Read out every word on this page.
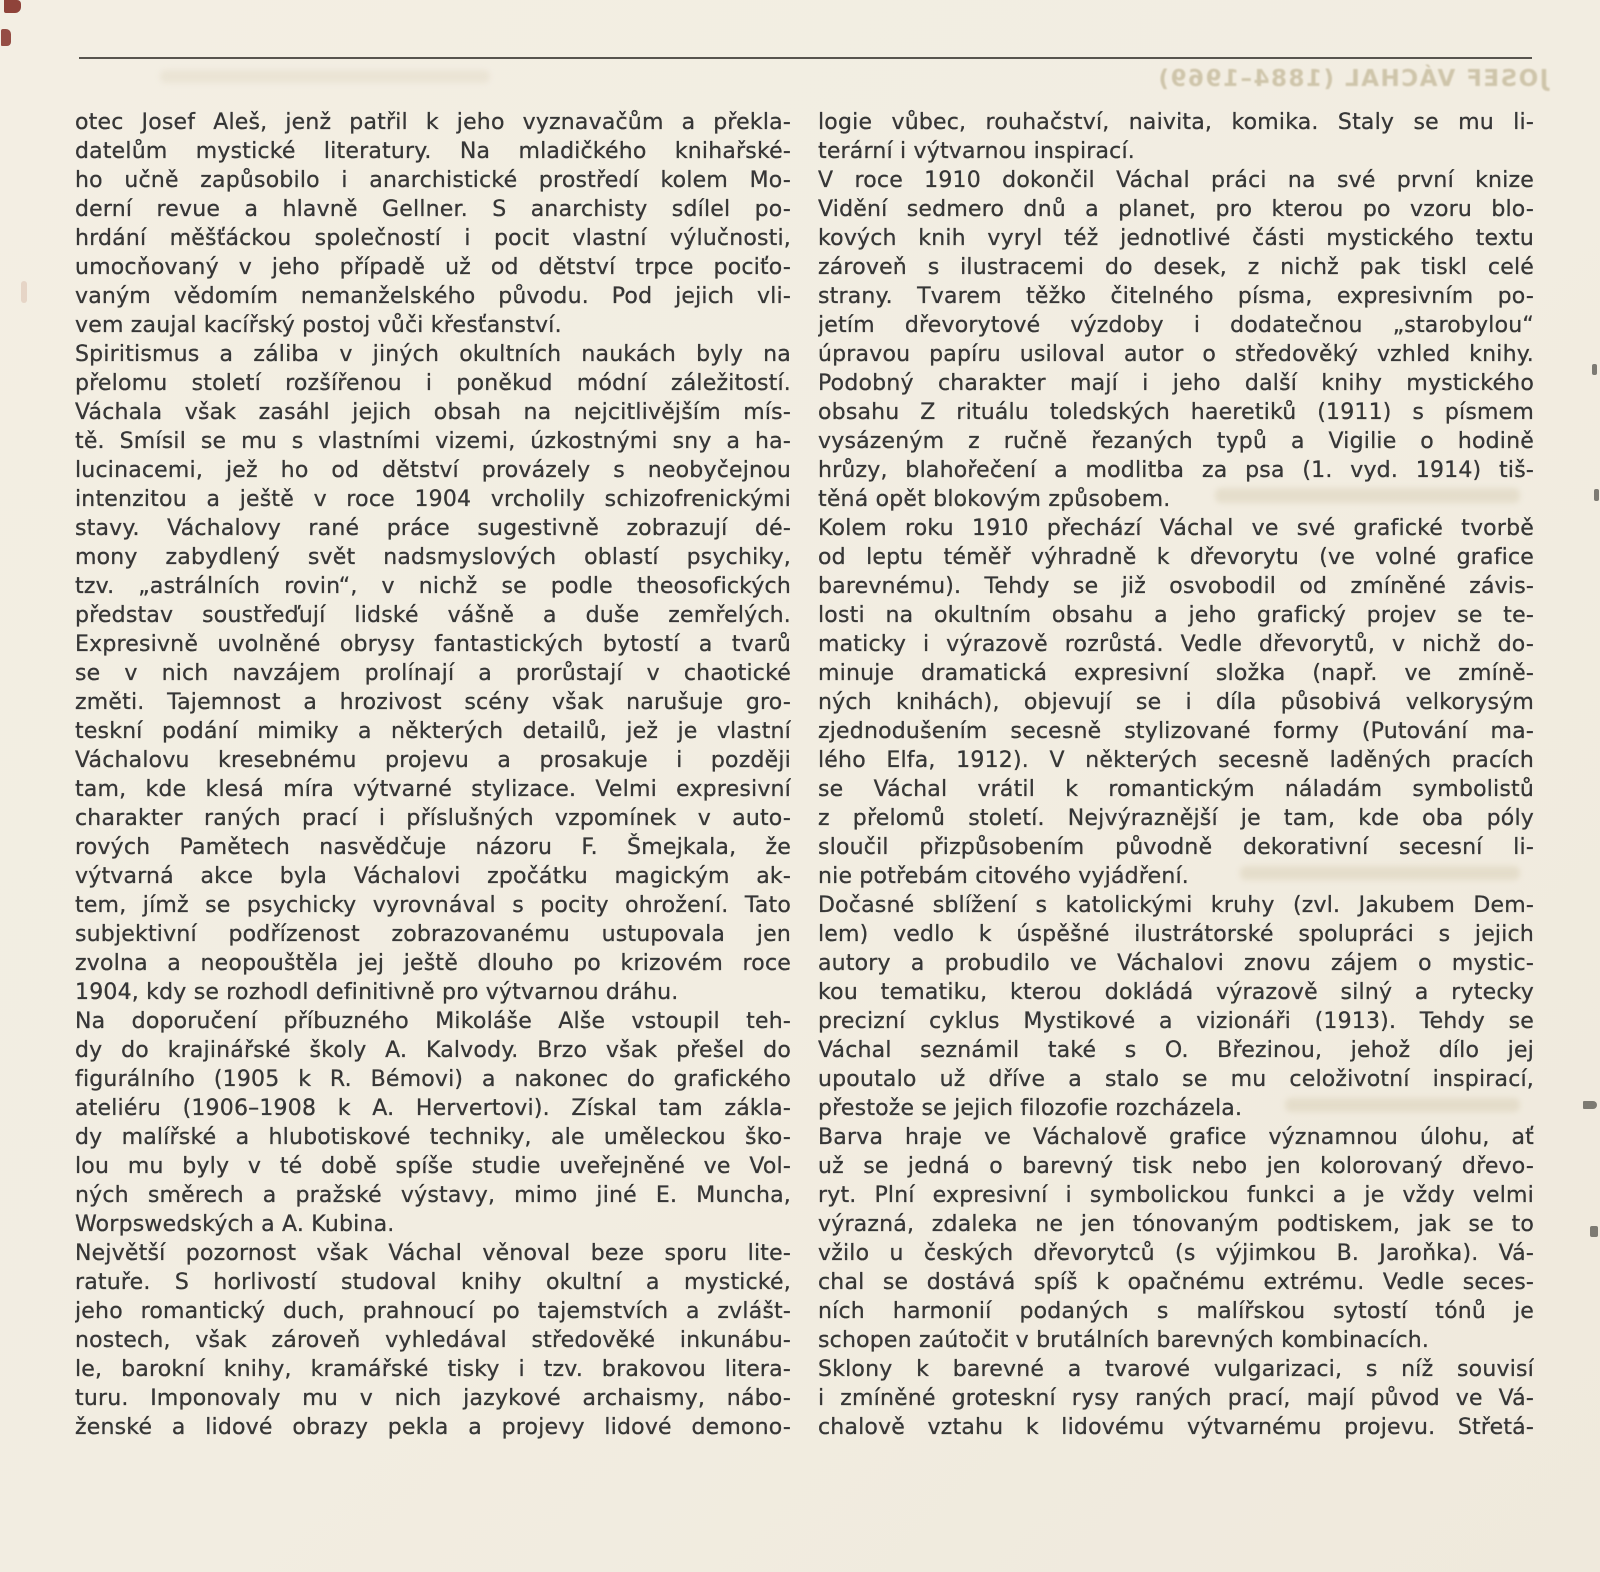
JOSEF VÁCHAL (1884–1969)
otec Josef Aleš, jenž patřil k jeho vyznavačům a překla-
datelům mystické literatury. Na mladičkého knihařské-
ho učně zapůsobilo i anarchistické prostředí kolem Mo-
derní revue a hlavně Gellner. S anarchisty sdílel po-
hrdání měšťáckou společností i pocit vlastní výlučnosti,
umocňovaný v jeho případě už od dětství trpce pociťo-
vaným vědomím nemanželského původu. Pod jejich vli-
vem zaujal kacířský postoj vůči křesťanství.
Spiritismus a záliba v jiných okultních naukách byly na
přelomu století rozšířenou i poněkud módní záležitostí.
Váchala však zasáhl jejich obsah na nejcitlivějším mís-
tě. Smísil se mu s vlastními vizemi, úzkostnými sny a ha-
lucinacemi, jež ho od dětství provázely s neobyčejnou
intenzitou a ještě v roce 1904 vrcholily schizofrenickými
stavy. Váchalovy rané práce sugestivně zobrazují dé-
mony zabydlený svět nadsmyslových oblastí psychiky,
tzv. „astrálních rovin“, v nichž se podle theosofických
představ soustřeďují lidské vášně a duše zemřelých.
Expresivně uvolněné obrysy fantastických bytostí a tvarů
se v nich navzájem prolínají a prorůstají v chaotické
změti. Tajemnost a hrozivost scény však narušuje gro-
teskní podání mimiky a některých detailů, jež je vlastní
Váchalovu kresebnému projevu a prosakuje i později
tam, kde klesá míra výtvarné stylizace. Velmi expresivní
charakter raných prací i příslušných vzpomínek v auto-
rových Pamětech nasvědčuje názoru F. Šmejkala, že
výtvarná akce byla Váchalovi zpočátku magickým ak-
tem, jímž se psychicky vyrovnával s pocity ohrožení. Tato
subjektivní podřízenost zobrazovanému ustupovala jen
zvolna a neopouštěla jej ještě dlouho po krizovém roce
1904, kdy se rozhodl definitivně pro výtvarnou dráhu.
Na doporučení příbuzného Mikoláše Alše vstoupil teh-
dy do krajinářské školy A. Kalvody. Brzo však přešel do
figurálního (1905 k R. Bémovi) a nakonec do grafického
ateliéru (1906–1908 k A. Hervertovi). Získal tam zákla-
dy malířské a hlubotiskové techniky, ale uměleckou ško-
lou mu byly v té době spíše studie uveřejněné ve Vol-
ných směrech a pražské výstavy, mimo jiné E. Muncha,
Worpswedských a A. Kubina.
Největší pozornost však Váchal věnoval beze sporu lite-
ratuře. S horlivostí studoval knihy okultní a mystické,
jeho romantický duch, prahnoucí po tajemstvích a zvlášt-
nostech, však zároveň vyhledával středověké inkunábu-
le, barokní knihy, kramářské tisky i tzv. brakovou litera-
turu. Imponovaly mu v nich jazykové archaismy, nábo-
ženské a lidové obrazy pekla a projevy lidové demono-
logie vůbec, rouhačství, naivita, komika. Staly se mu li-
terární i výtvarnou inspirací.
V roce 1910 dokončil Váchal práci na své první knize
Vidění sedmero dnů a planet, pro kterou po vzoru blo-
kových knih vyryl též jednotlivé části mystického textu
zároveň s ilustracemi do desek, z nichž pak tiskl celé
strany. Tvarem těžko čitelného písma, expresivním po-
jetím dřevorytové výzdoby i dodatečnou „starobylou“
úpravou papíru usiloval autor o středověký vzhled knihy.
Podobný charakter mají i jeho další knihy mystického
obsahu Z rituálu toledských haeretiků (1911) s písmem
vysázeným z ručně řezaných typů a Vigilie o hodině
hrůzy, blahořečení a modlitba za psa (1. vyd. 1914) tiš-
těná opět blokovým způsobem.
Kolem roku 1910 přechází Váchal ve své grafické tvorbě
od leptu téměř výhradně k dřevorytu (ve volné grafice
barevnému). Tehdy se již osvobodil od zmíněné závis-
losti na okultním obsahu a jeho grafický projev se te-
maticky i výrazově rozrůstá. Vedle dřevorytů, v nichž do-
minuje dramatická expresivní složka (např. ve zmíně-
ných knihách), objevují se i díla působivá velkorysým
zjednodušením secesně stylizované formy (Putování ma-
lého Elfa, 1912). V některých secesně laděných pracích
se Váchal vrátil k romantickým náladám symbolistů
z přelomů století. Nejvýraznější je tam, kde oba póly
sloučil přizpůsobením původně dekorativní secesní li-
nie potřebám citového vyjádření.
Dočasné sblížení s katolickými kruhy (zvl. Jakubem Dem-
lem) vedlo k úspěšné ilustrátorské spolupráci s jejich
autory a probudilo ve Váchalovi znovu zájem o mystic-
kou tematiku, kterou dokládá výrazově silný a rytecky
precizní cyklus Mystikové a vizionáři (1913). Tehdy se
Váchal seznámil také s O. Březinou, jehož dílo jej
upoutalo už dříve a stalo se mu celoživotní inspirací,
přestože se jejich filozofie rozcházela.
Barva hraje ve Váchalově grafice významnou úlohu, ať
už se jedná o barevný tisk nebo jen kolorovaný dřevo-
ryt. Plní expresivní i symbolickou funkci a je vždy velmi
výrazná, zdaleka ne jen tónovaným podtiskem, jak se to
vžilo u českých dřevorytců (s výjimkou B. Jaroňka). Vá-
chal se dostává spíš k opačnému extrému. Vedle seces-
ních harmonií podaných s malířskou sytostí tónů je
schopen zaútočit v brutálních barevných kombinacích.
Sklony k barevné a tvarové vulgarizaci, s níž souvisí
i zmíněné groteskní rysy raných prací, mají původ ve Vá-
chalově vztahu k lidovému výtvarnému projevu. Střetá-
